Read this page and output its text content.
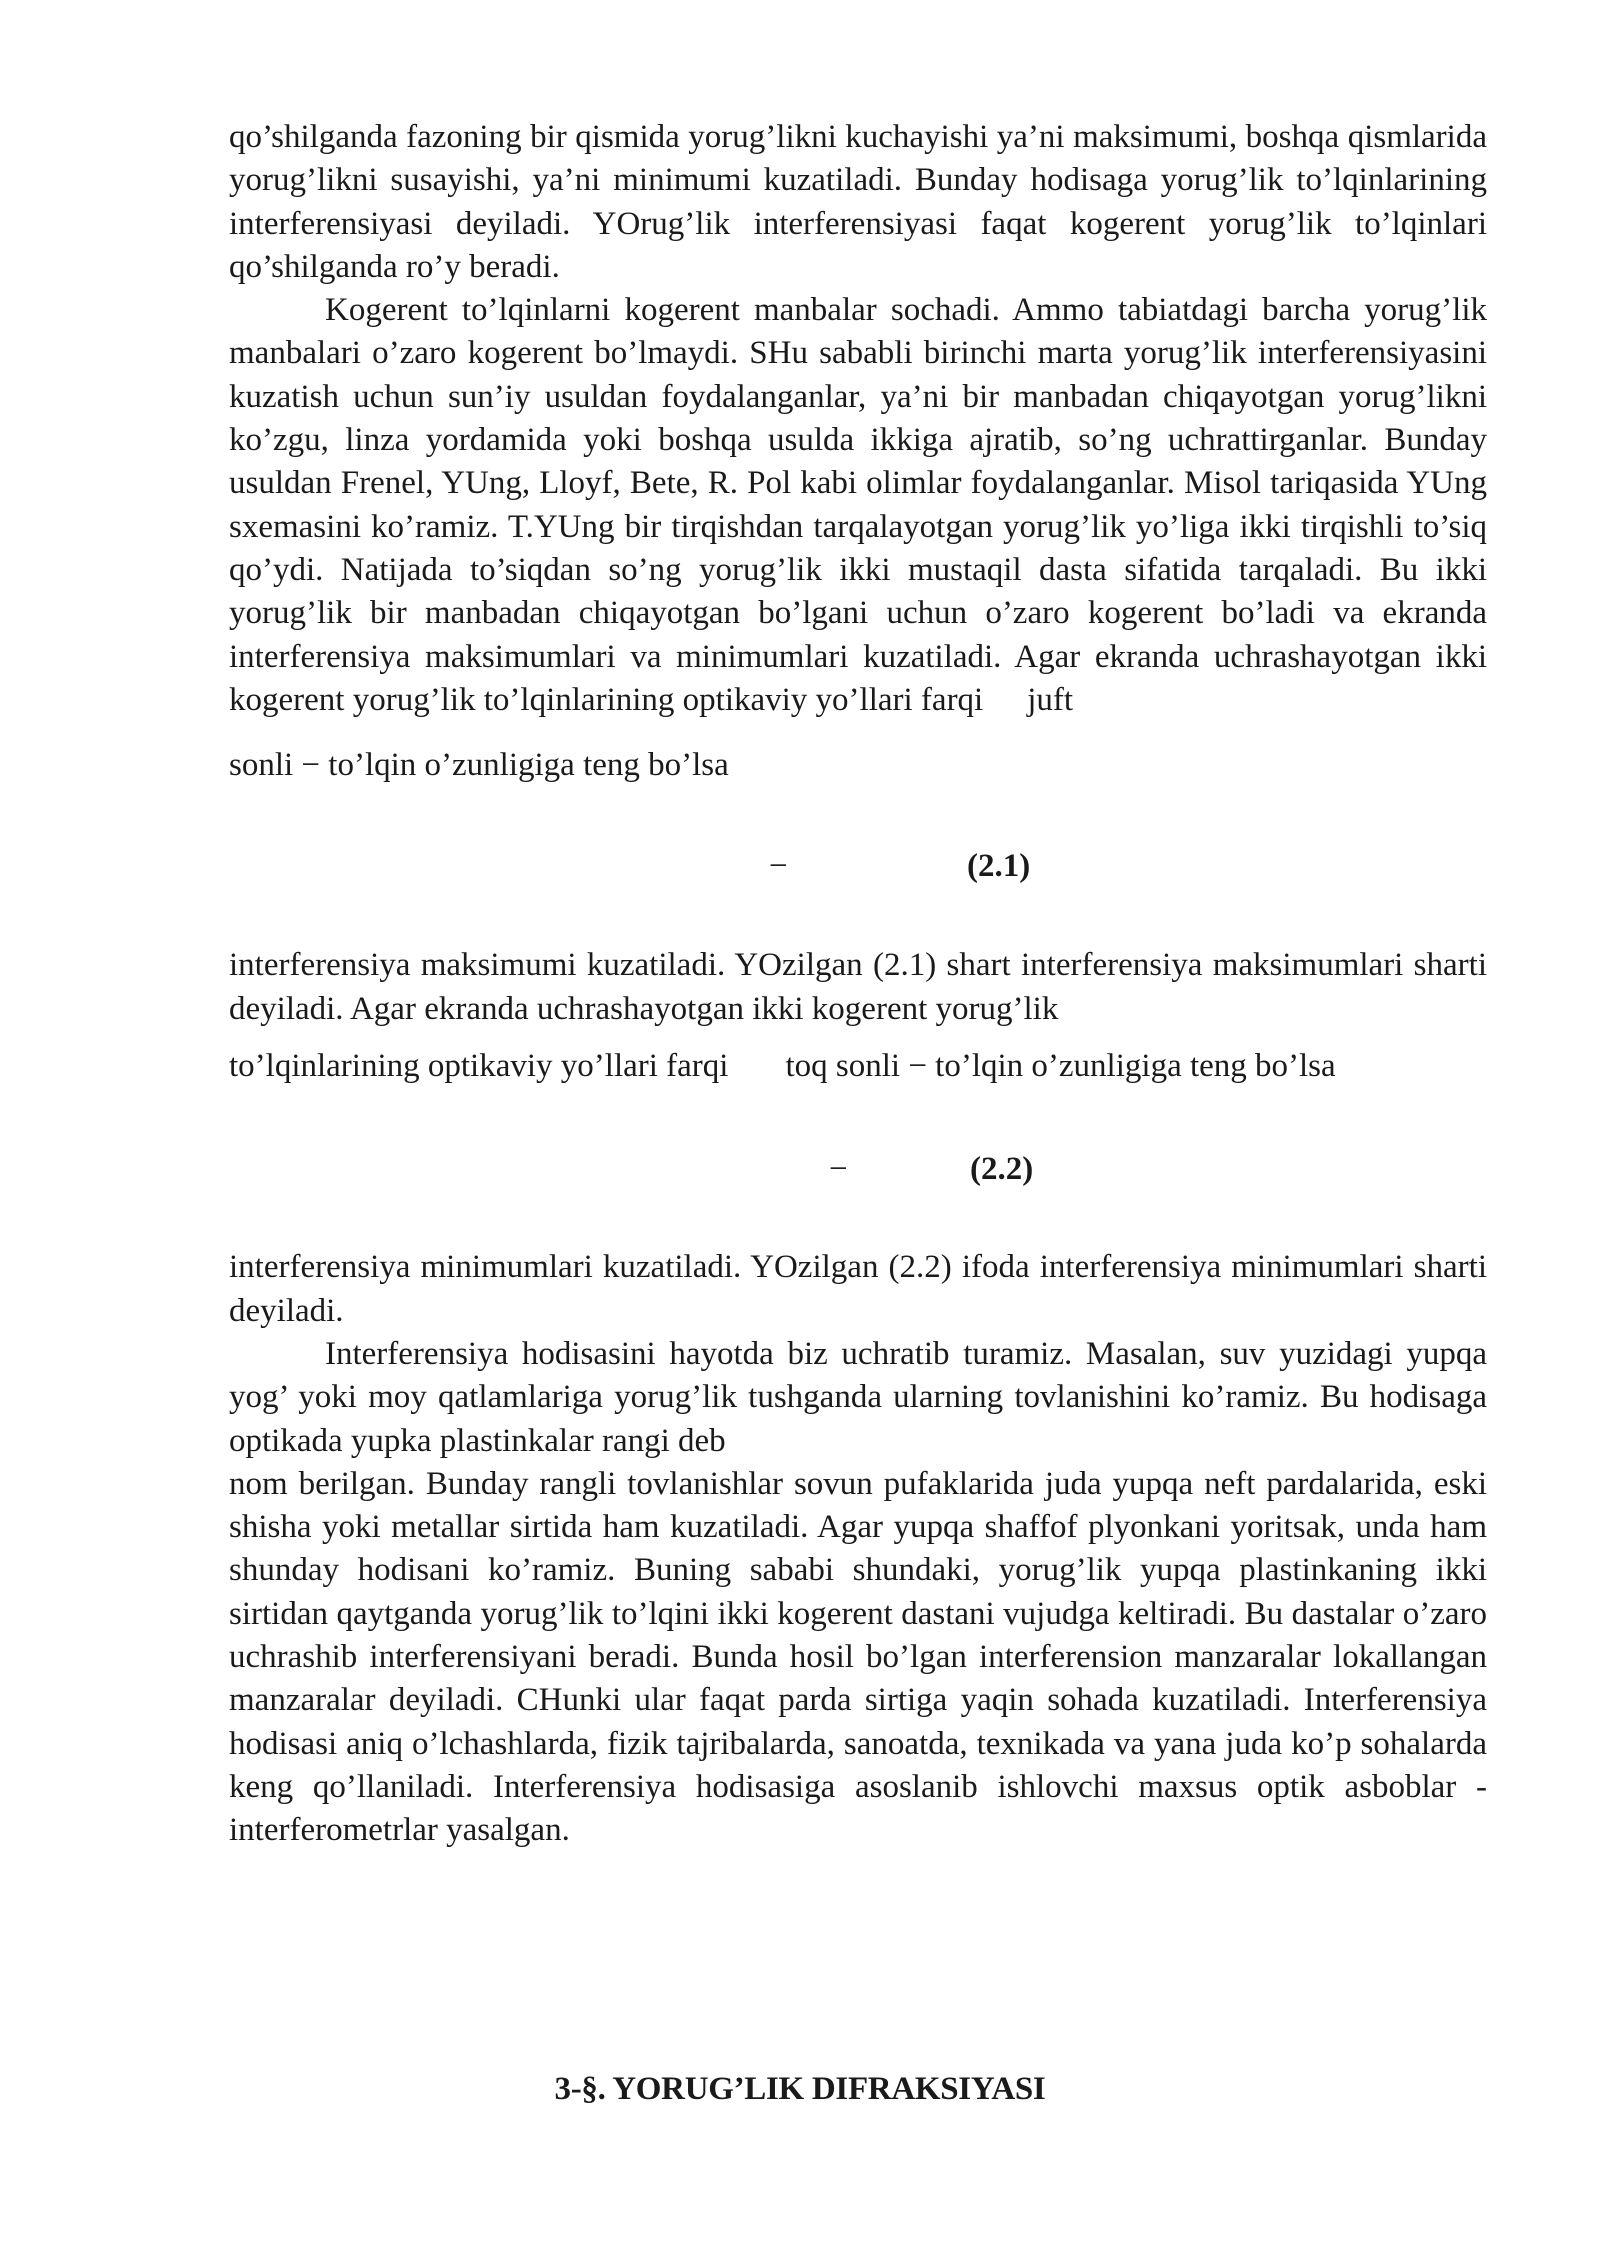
qo’shilganda fazoning bir qismida yorug’likni kuchayishi ya’ni maksimumi, boshqa qismlarida yorug’likni susayishi, ya’ni minimumi kuzatiladi. Bunday hodisaga yorug’lik to’lqinlarining interferensiyasi deyiladi. YOrug’lik interferensiyasi faqat kogerent yorug’lik to’lqinlari qo’shilganda ro’y beradi.

Kogerent to’lqinlarni kogerent manbalar sochadi. Ammo tabiatdagi barcha yorug’lik manbalari o’zaro kogerent bo’lmaydi. SHu sababli birinchi marta yorug’lik interferensiyasini kuzatish uchun sun’iy usuldan foydalanganlar, ya’ni bir manbadan chiqayotgan yorug’likni ko’zgu, linza yordamida yoki boshqa usulda ikkiga ajratib, so’ng uchrattirganlar. Bunday usuldan Frenel, YUng, Lloyf, Bete, R. Pol kabi olimlar foydalanganlar. Misol tariqasida YUng sxemasini ko’ramiz. T.YUng bir tirqishdan tarqalayotgan yorug’lik yo’liga ikki tirqishli to’siq qo’ydi. Natijada to’siqdan so’ng yorug’lik ikki mustaqil dasta sifatida tarqaladi. Bu ikki yorug’lik bir manbadan chiqayotgan bo’lgani uchun o’zaro kogerent bo’ladi va ekranda interferensiya maksimumlari va minimumlari kuzatiladi. Agar ekranda uchrashayotgan ikki kogerent yorug’lik to’lqinlarining optikaviy yo’llari farqi juft

sonli − to’lqin o’zunligiga teng bo’lsa

−	(2.1)

interferensiya maksimumi kuzatiladi. YOzilgan (2.1) shart interferensiya maksimumlari sharti deyiladi. Agar ekranda uchrashayotgan ikki kogerent yorug’lik

to’lqinlarining optikaviy yo’llari farqi toq sonli − to’lqin o’zunligiga teng bo’lsa

−	(2.2)

interferensiya minimumlari kuzatiladi. YOzilgan (2.2) ifoda interferensiya minimumlari sharti deyiladi.

Interferensiya hodisasini hayotda biz uchratib turamiz. Masalan, suv yuzidagi yupqa yog’ yoki moy qatlamlariga yorug’lik tushganda ularning tovlanishini ko’ramiz. Bu hodisaga optikada yupka plastinkalar rangi deb

nom berilgan. Bunday rangli tovlanishlar sovun pufaklarida juda yupqa neft pardalarida, eski shisha yoki metallar sirtida ham kuzatiladi. Agar yupqa shaffof plyonkani yoritsak, unda ham shunday hodisani ko’ramiz. Buning sababi shundaki, yorug’lik yupqa plastinkaning ikki sirtidan qaytganda yorug’lik to’lqini ikki kogerent dastani vujudga keltiradi. Bu dastalar o’zaro uchrashib interferensiyani beradi. Bunda hosil bo’lgan interferension manzaralar lokallangan manzaralar deyiladi. CHunki ular faqat parda sirtiga yaqin sohada kuzatiladi. Interferensiya hodisasi aniq o’lchashlarda, fizik tajribalarda, sanoatda, texnikada va yana juda ko’p sohalarda keng qo’llaniladi. Interferensiya hodisasiga asoslanib ishlovchi maxsus optik asboblar - interferometrlar yasalgan.

3-§. YORUG’LIK DIFRAKSIYASI
